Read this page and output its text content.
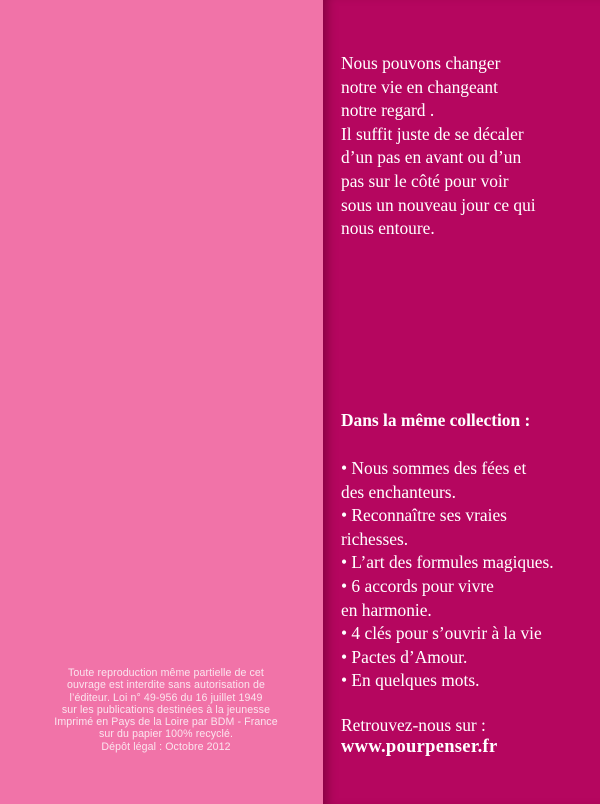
Toute reproduction même partielle de cet
ouvrage est interdite sans autorisation de
l’éditeur. Loi n° 49-956 du 16 juillet 1949
sur les publications destinées à la jeunesse
Imprimé en Pays de la Loire par BDM - France
sur du papier 100% recyclé.
Dépôt légal : Octobre 2012
Nous pouvons changer
notre vie en changeant
notre regard .
Il suffit juste de se décaler
d’un pas en avant ou d’un
pas sur le côté pour voir
sous un nouveau jour ce qui
nous entoure.
Dans la même collection :
• Nous sommes des fées et
des enchanteurs.
• Reconnaître ses vraies
richesses.
• L’art des formules magiques.
• 6 accords pour vivre
en harmonie.
• 4 clés pour s’ouvrir à la vie
• Pactes d’Amour.
• En quelques mots.
Retrouvez-nous sur :
www.pourpenser.fr
